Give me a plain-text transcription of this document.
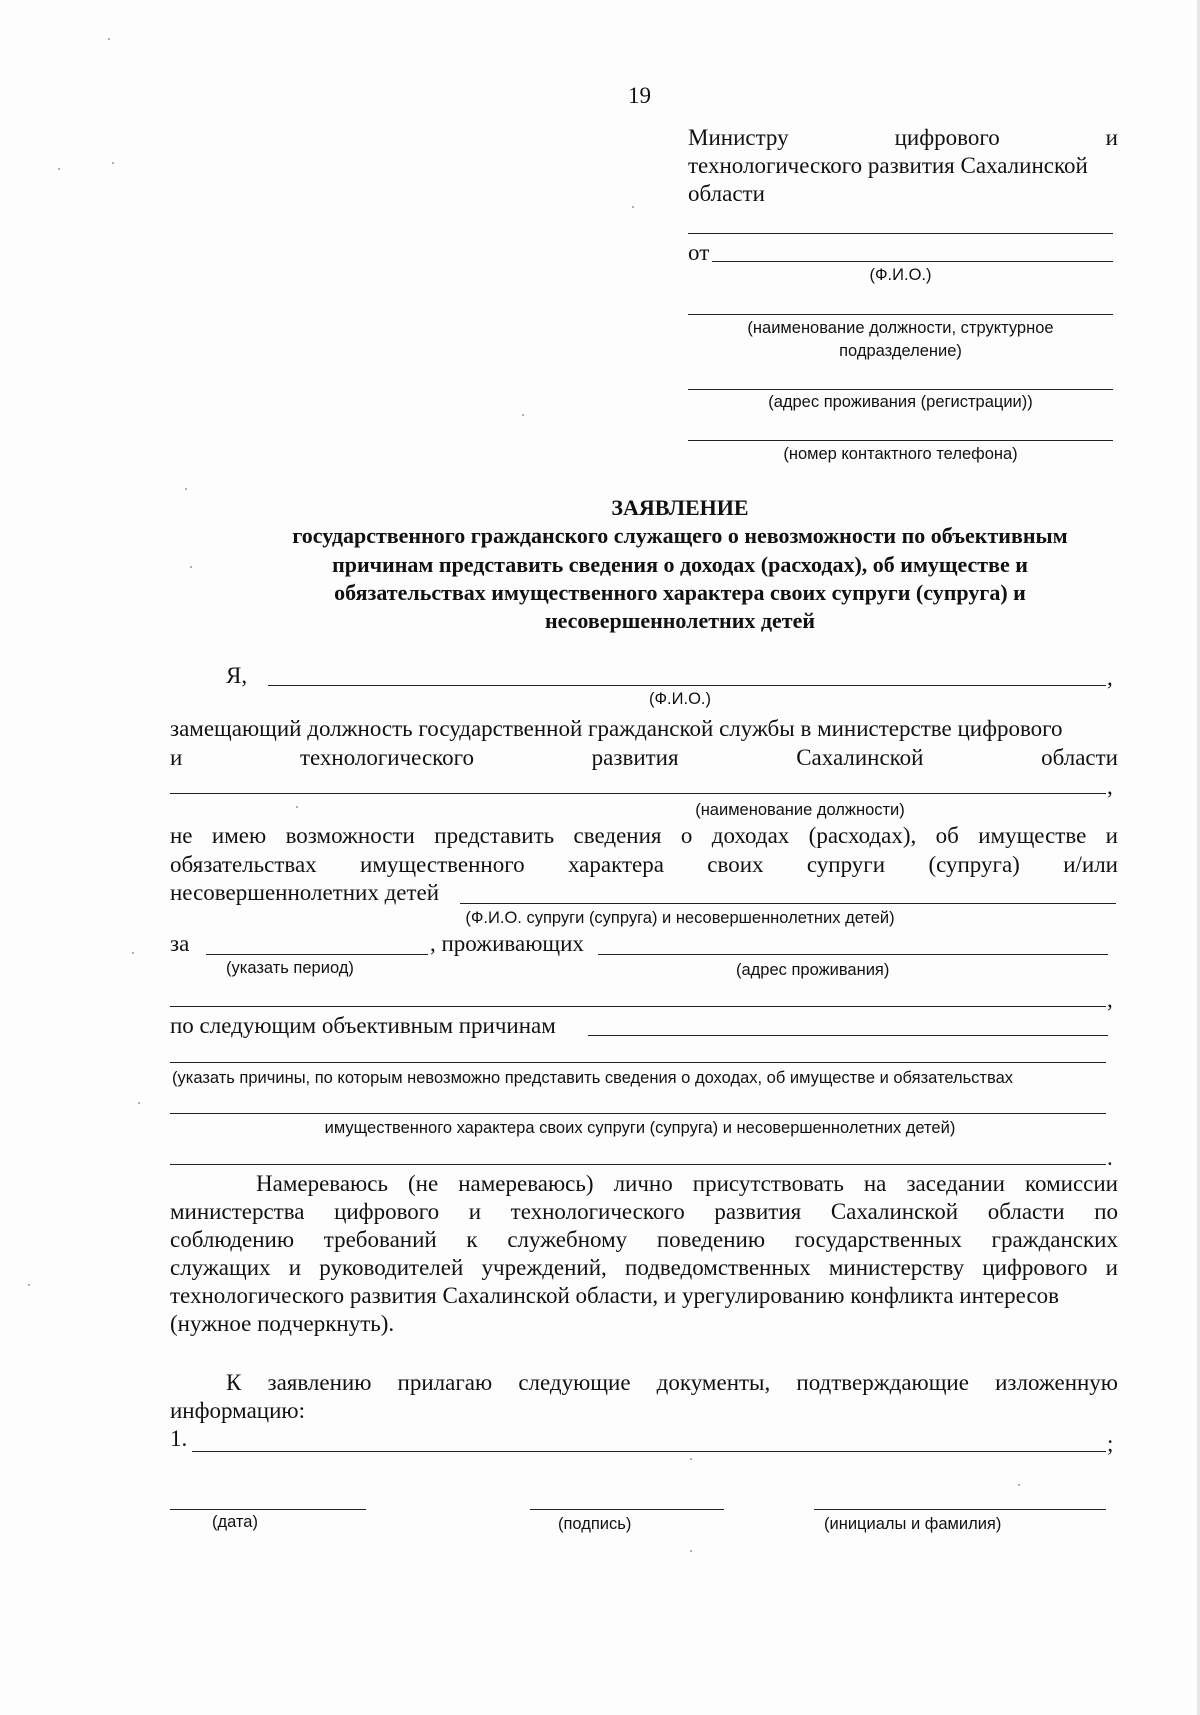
19
Министру цифрового и
технологического развития Сахалинской
области
от
(Ф.И.О.)
(наименование должности, структурное
подразделение)
(адрес проживания (регистрации))
(номер контактного телефона)
ЗАЯВЛЕНИЕ
государственного гражданского служащего о невозможности по объективным
причинам представить сведения о доходах (расходах), об имуществе и
обязательствах имущественного характера своих супруги (супруга) и
несовершеннолетних детей
Я,	,
(Ф.И.О.)
замещающий должность государственной гражданской службы в министерстве цифрового
и технологического развития Сахалинской области
,
(наименование должности)
не имею возможности представить сведения о доходах (расходах), об имуществе и
обязательствах имущественного характера своих супруги (супруга) и/или
несовершеннолетних детей
(Ф.И.О. супруги (супруга) и несовершеннолетних детей)
за	, проживающих
(указать период)	(адрес проживания)
,
по следующим объективным причинам
(указать причины, по которым невозможно представить сведения о доходах, об имуществе и обязательствах
имущественного характера своих супруги (супруга) и несовершеннолетних детей)
.
Намереваюсь (не намереваюсь) лично присутствовать на заседании комиссии
министерства цифрового и технологического развития Сахалинской области по
соблюдению требований к служебному поведению государственных гражданских
служащих и руководителей учреждений, подведомственных министерству цифрового и
технологического развития Сахалинской области, и урегулированию конфликта интересов
(нужное подчеркнуть).
К заявлению прилагаю следующие документы, подтверждающие изложенную
информацию:
1.	;
(дата)	(подпись)	(инициалы и фамилия)
